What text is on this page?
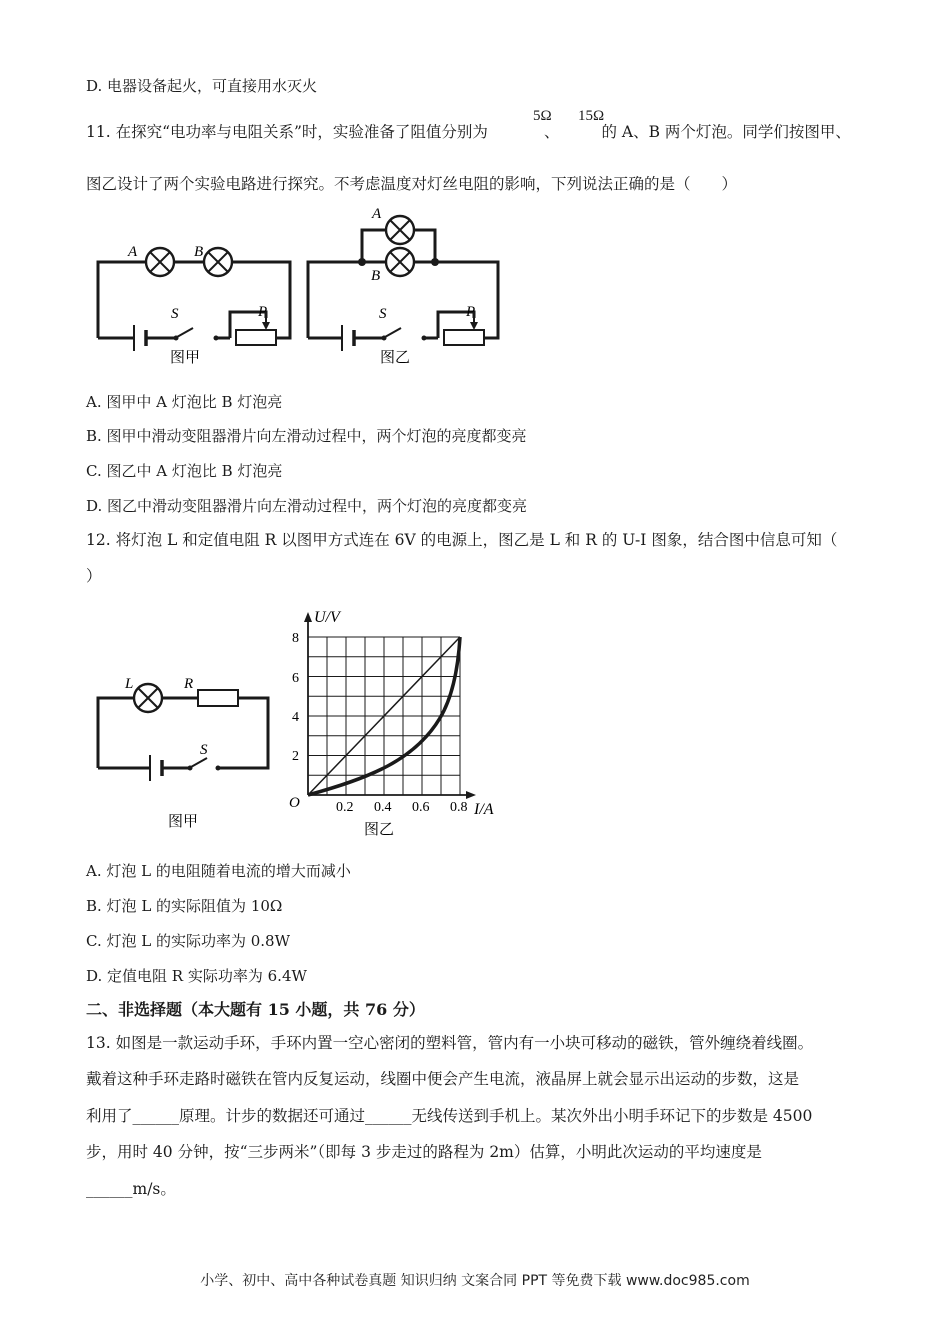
D. 电器设备起火，可直接用水灭火
11. 在探究“电功率与电阻关系”时，实验准备了阻值分别为	、	的 A、B 两个灯泡。同学们按图甲、
5Ω 15Ω
图乙设计了两个实验电路进行探究。不考虑温度对灯丝电阻的影响，下列说法正确的是（　　）
A	B
S	P
图甲
A
B
S	P
图乙
A. 图甲中 A 灯泡比 B 灯泡亮
B. 图甲中滑动变阻器滑片向左滑动过程中，两个灯泡的亮度都变亮
C. 图乙中 A 灯泡比 B 灯泡亮
D. 图乙中滑动变阻器滑片向左滑动过程中，两个灯泡的亮度都变亮
12. 将灯泡 L 和定值电阻 R 以图甲方式连在 6V 的电源上，图乙是 L 和 R 的 U-I 图象，结合图中信息可知（
）
L	R
S
图甲
U/V
I/A
O	0.2 0.4 0.6 0.8
2
4
6
8
图乙
A. 灯泡 L 的电阻随着电流的增大而减小
B. 灯泡 L 的实际阻值为 10Ω
C. 灯泡 L 的实际功率为 0.8W
D. 定值电阻 R 实际功率为 6.4W
二、非选择题（本大题有 15 小题，共 76 分）
13. 如图是一款运动手环，手环内置一空心密闭的塑料管，管内有一小块可移动的磁铁，管外缠绕着线圈。
戴着这种手环走路时磁铁在管内反复运动，线圈中便会产生电流，液晶屏上就会显示出运动的步数，这是
利用了______原理。计步的数据还可通过______无线传送到手机上。某次外出小明手环记下的步数是 4500
步，用时 40 分钟，按“三步两米”（即每 3 步走过的路程为 2m）估算，小明此次运动的平均速度是
______m/s。
小学、初中、高中各种试卷真题 知识归纳 文案合同 PPT 等免费下载 www.doc985.com
